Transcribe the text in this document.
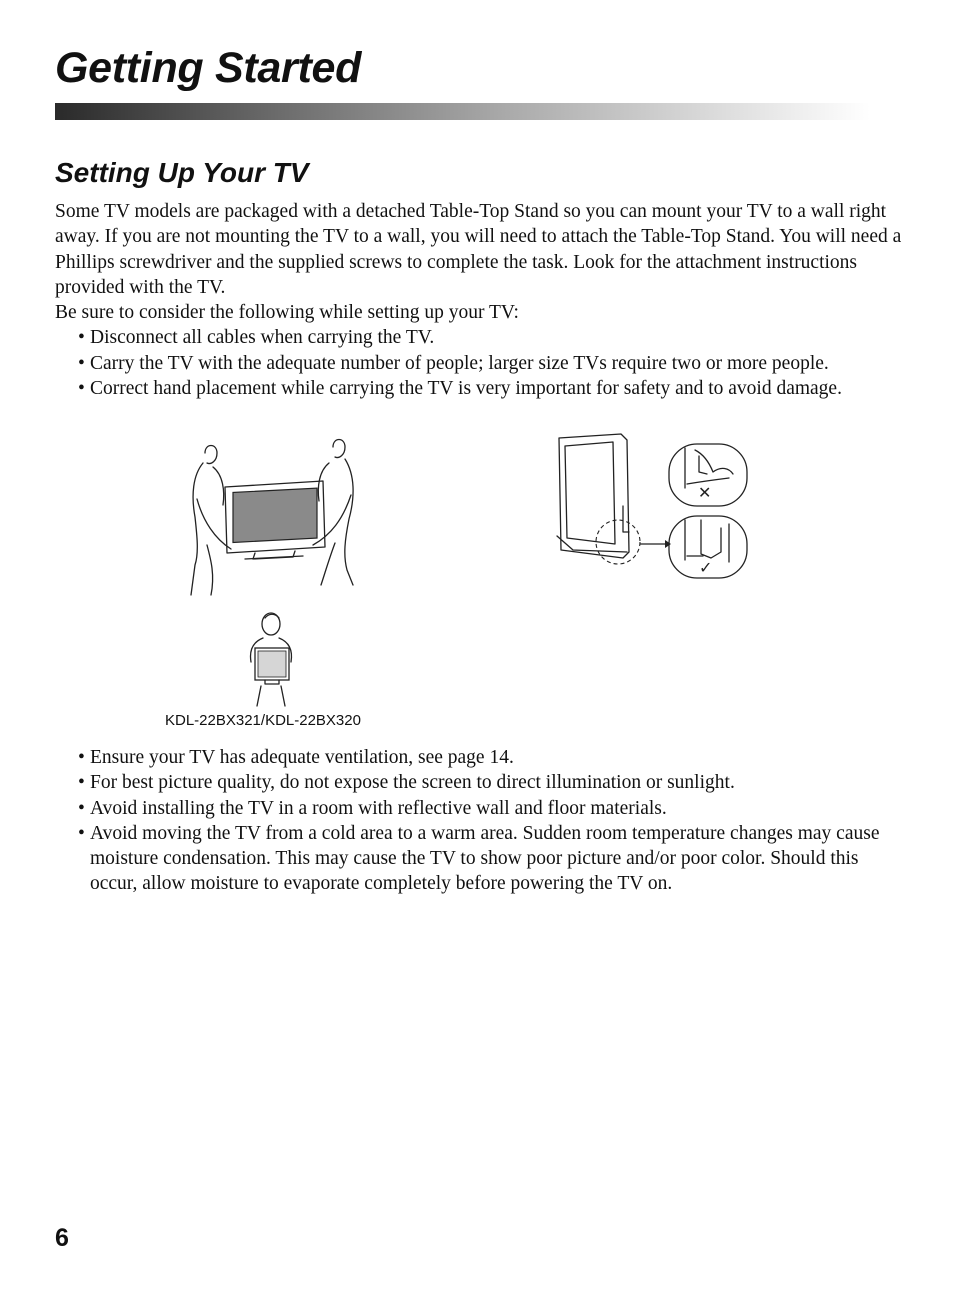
Getting Started
Setting Up Your TV

Some TV models are packaged with a detached Table-Top Stand so you can mount your TV to a wall right away. If you are not mounting the TV to a wall, you will need to attach the Table-Top Stand. You will need a Phillips screwdriver and the supplied screws to complete the task. Look for the attachment instructions provided with the TV.

Be sure to consider the following while setting up your TV:

• Disconnect all cables when carrying the TV.
• Carry the TV with the adequate number of people; larger size TVs require two or more people.
• Correct hand placement while carrying the TV is very important for safety and to avoid damage.
✕
✓
KDL-22BX321/KDL-22BX320
• Ensure your TV has adequate ventilation, see page 14.
• For best picture quality, do not expose the screen to direct illumination or sunlight.
• Avoid installing the TV in a room with reflective wall and floor materials.
• Avoid moving the TV from a cold area to a warm area. Sudden room temperature changes may cause moisture condensation. This may cause the TV to show poor picture and/or poor color. Should this occur, allow moisture to evaporate completely before powering the TV on.
6
